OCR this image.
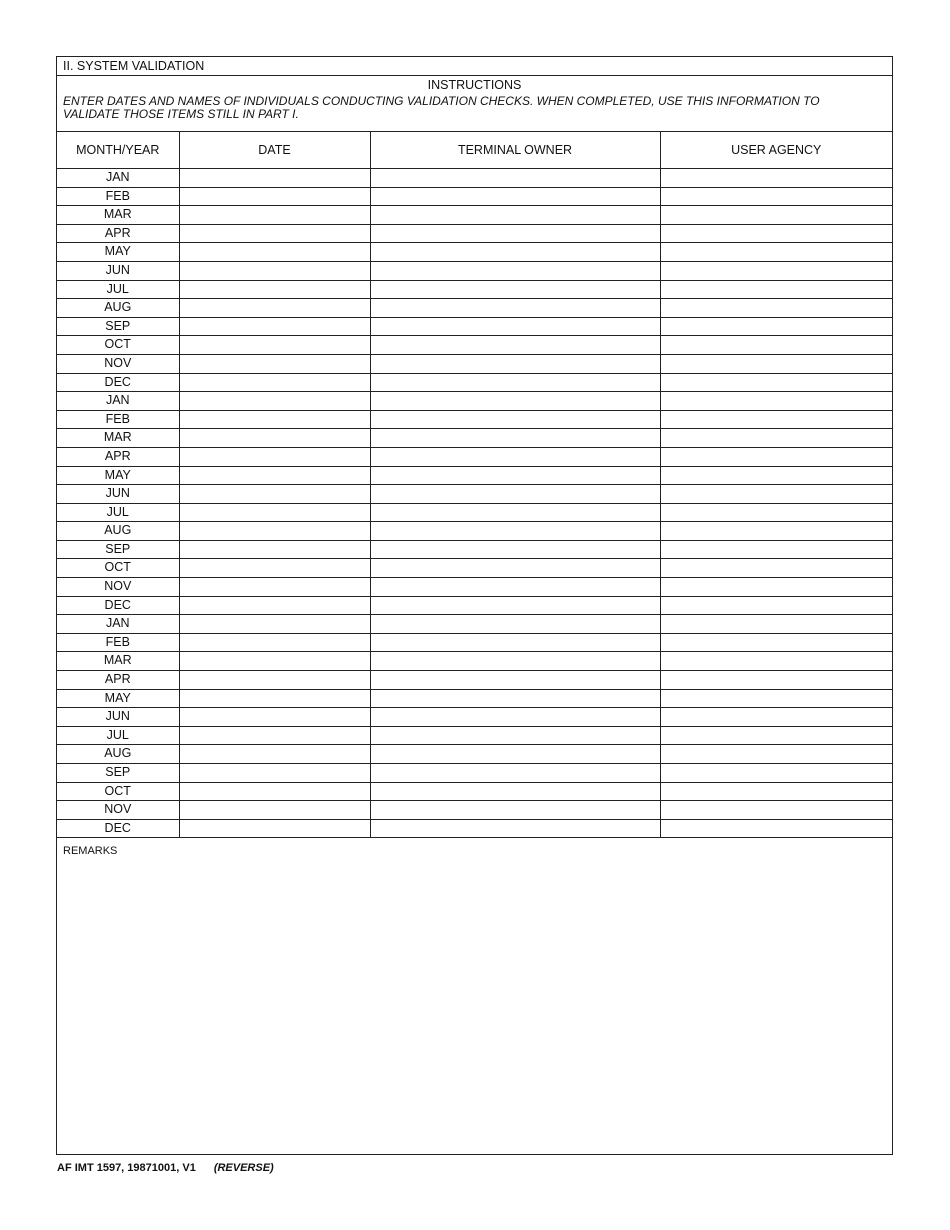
II. SYSTEM VALIDATION
INSTRUCTIONS
ENTER DATES AND NAMES OF INDIVIDUALS CONDUCTING VALIDATION CHECKS. WHEN COMPLETED, USE THIS INFORMATION TO VALIDATE THOSE ITEMS STILL IN PART I.
MONTH/YEAR	DATE	TERMINAL OWNER	USER AGENCY
JAN			
FEB			
MAR			
APR			
MAY			
JUN			
JUL			
AUG			
SEP			
OCT			
NOV			
DEC			
JAN			
FEB			
MAR			
APR			
MAY			
JUN			
JUL			
AUG			
SEP			
OCT			
NOV			
DEC			
JAN			
FEB			
MAR			
APR			
MAY			
JUN			
JUL			
AUG			
SEP			
OCT			
NOV			
DEC			
REMARKS
AF IMT 1597, 19871001, V1 (REVERSE)
